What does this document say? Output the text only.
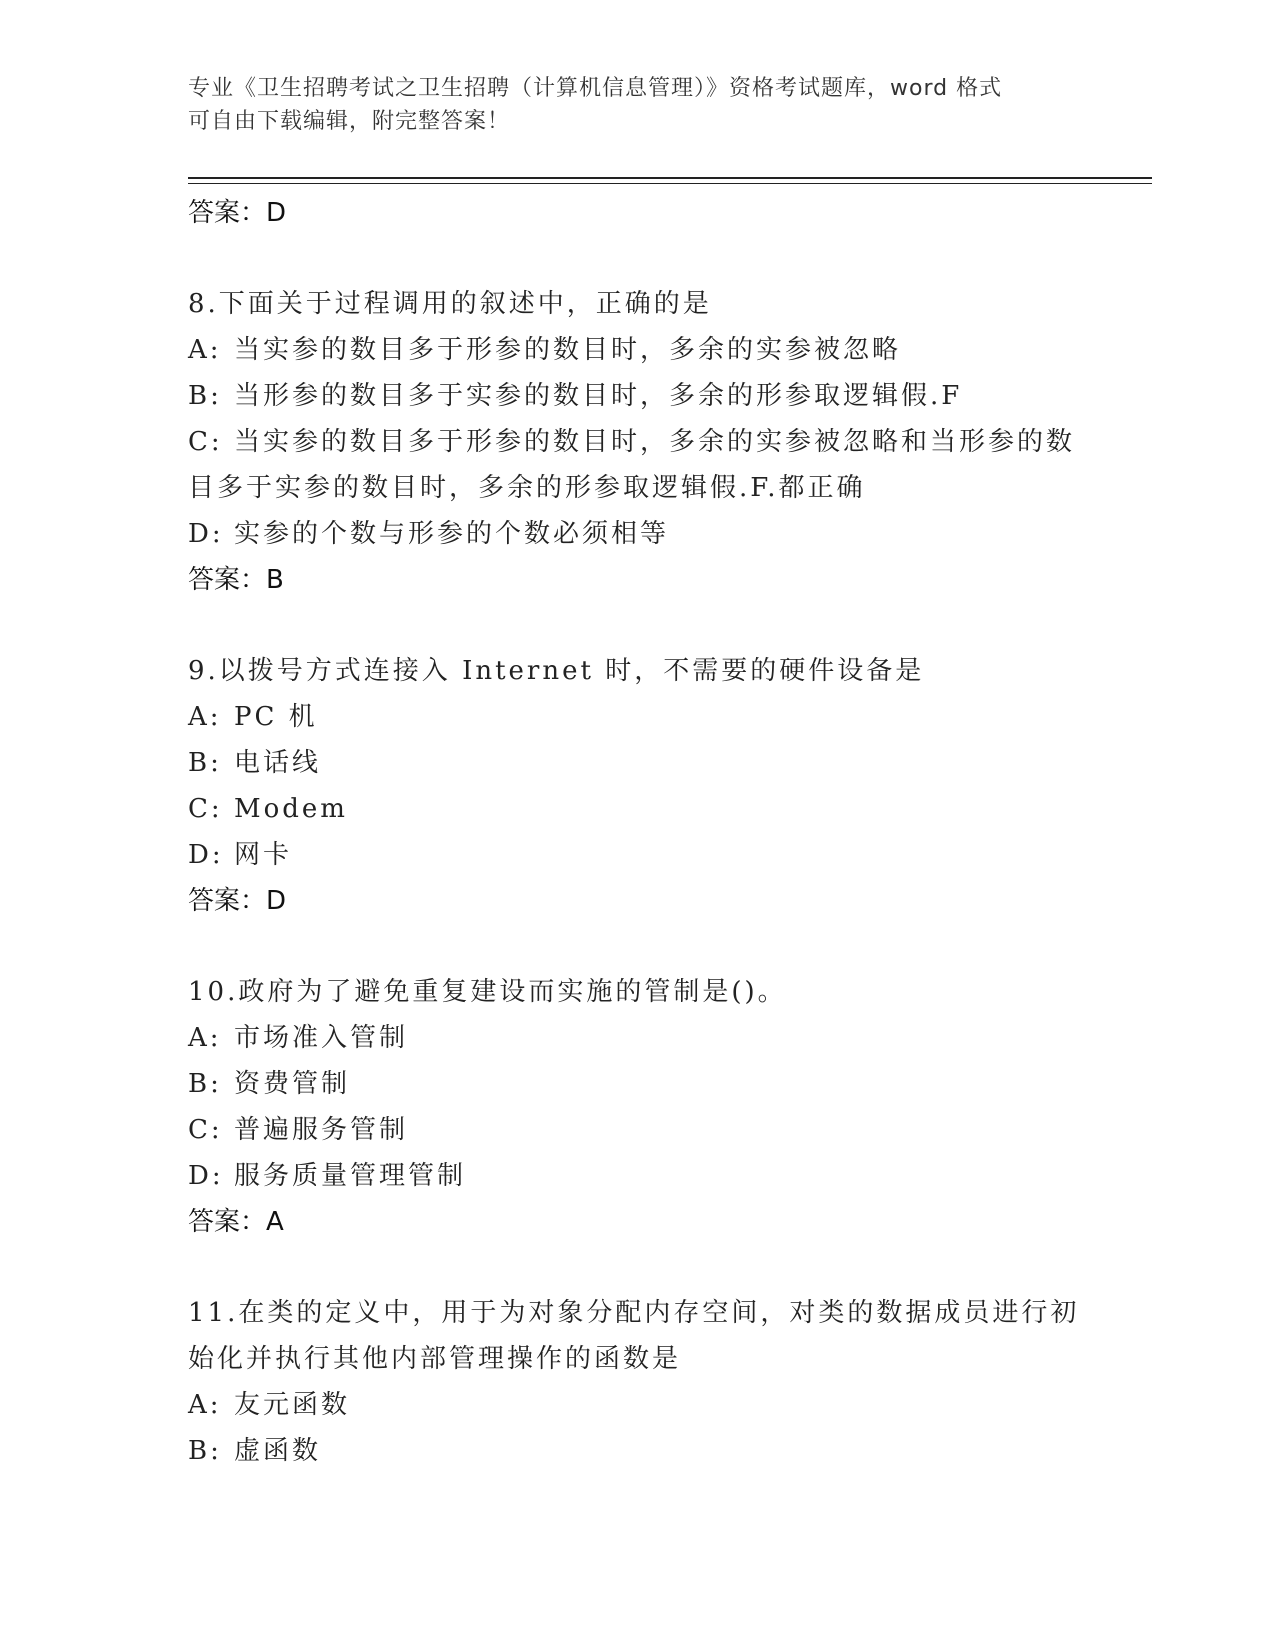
专业《卫生招聘考试之卫生招聘（计算机信息管理）》资格考试题库，word 格式
可自由下载编辑，附完整答案！
答案：D
8.下面关于过程调用的叙述中，正确的是
A: 当实参的数目多于形参的数目时，多余的实参被忽略
B: 当形参的数目多于实参的数目时，多余的形参取逻辑假.F
C: 当实参的数目多于形参的数目时，多余的实参被忽略和当形参的数
目多于实参的数目时，多余的形参取逻辑假.F.都正确
D: 实参的个数与形参的个数必须相等
答案：B
9.以拨号方式连接入 Internet 时，不需要的硬件设备是
A: PC 机
B: 电话线
C: Modem
D: 网卡
答案：D
10.政府为了避免重复建设而实施的管制是()。
A: 市场准入管制
B: 资费管制
C: 普遍服务管制
D: 服务质量管理管制
答案：A
11.在类的定义中，用于为对象分配内存空间，对类的数据成员进行初
始化并执行其他内部管理操作的函数是
A: 友元函数
B: 虚函数
